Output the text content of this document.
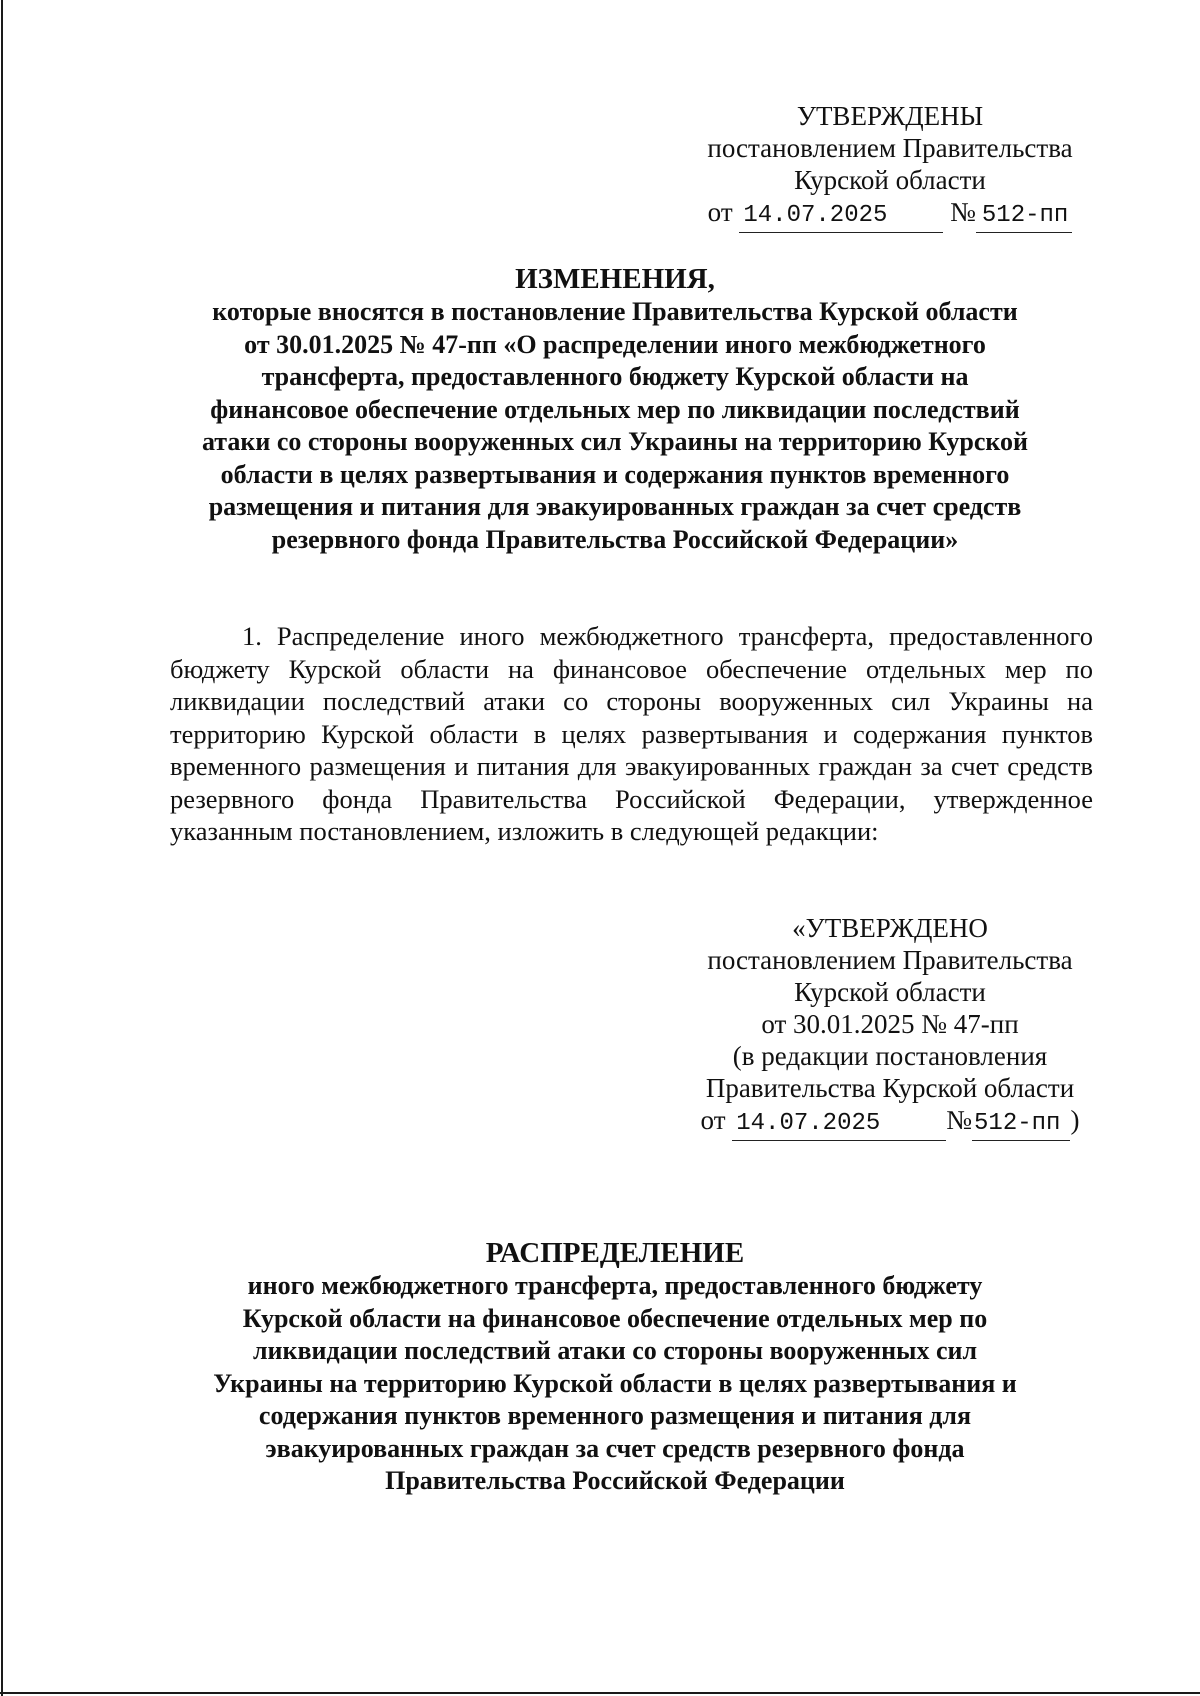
УТВЕРЖДЕНЫ
постановлением Правительства
Курской области
от 14.07.2025 № 512-пп
ИЗМЕНЕНИЯ,
которые вносятся в постановление Правительства Курской области
от 30.01.2025 № 47-пп «О распределении иного межбюджетного
трансферта, предоставленного бюджету Курской области на
финансовое обеспечение отдельных мер по ликвидации последствий
атаки со стороны вооруженных сил Украины на территорию Курской
области в целях развертывания и содержания пунктов временного
размещения и питания для эвакуированных граждан за счет средств
резервного фонда Правительства Российской Федерации»
1. Распределение иного межбюджетного трансферта, предоставленного бюджету Курской области на финансовое обеспечение отдельных мер по ликвидации последствий атаки со стороны вооруженных сил Украины на территорию Курской области в целях развертывания и содержания пунктов временного размещения и питания для эвакуированных граждан за счет средств резервного фонда Правительства Российской Федерации, утвержденное указанным постановлением, изложить в следующей редакции:
«УТВЕРЖДЕНО
постановлением Правительства
Курской области
от 30.01.2025 № 47-пп
(в редакции постановления
Правительства Курской области
от 14.07.2025 №512-пп )
РАСПРЕДЕЛЕНИЕ
иного межбюджетного трансферта, предоставленного бюджету
Курской области на финансовое обеспечение отдельных мер по
ликвидации последствий атаки со стороны вооруженных сил
Украины на территорию Курской области в целях развертывания и
содержания пунктов временного размещения и питания для
эвакуированных граждан за счет средств резервного фонда
Правительства Российской Федерации
